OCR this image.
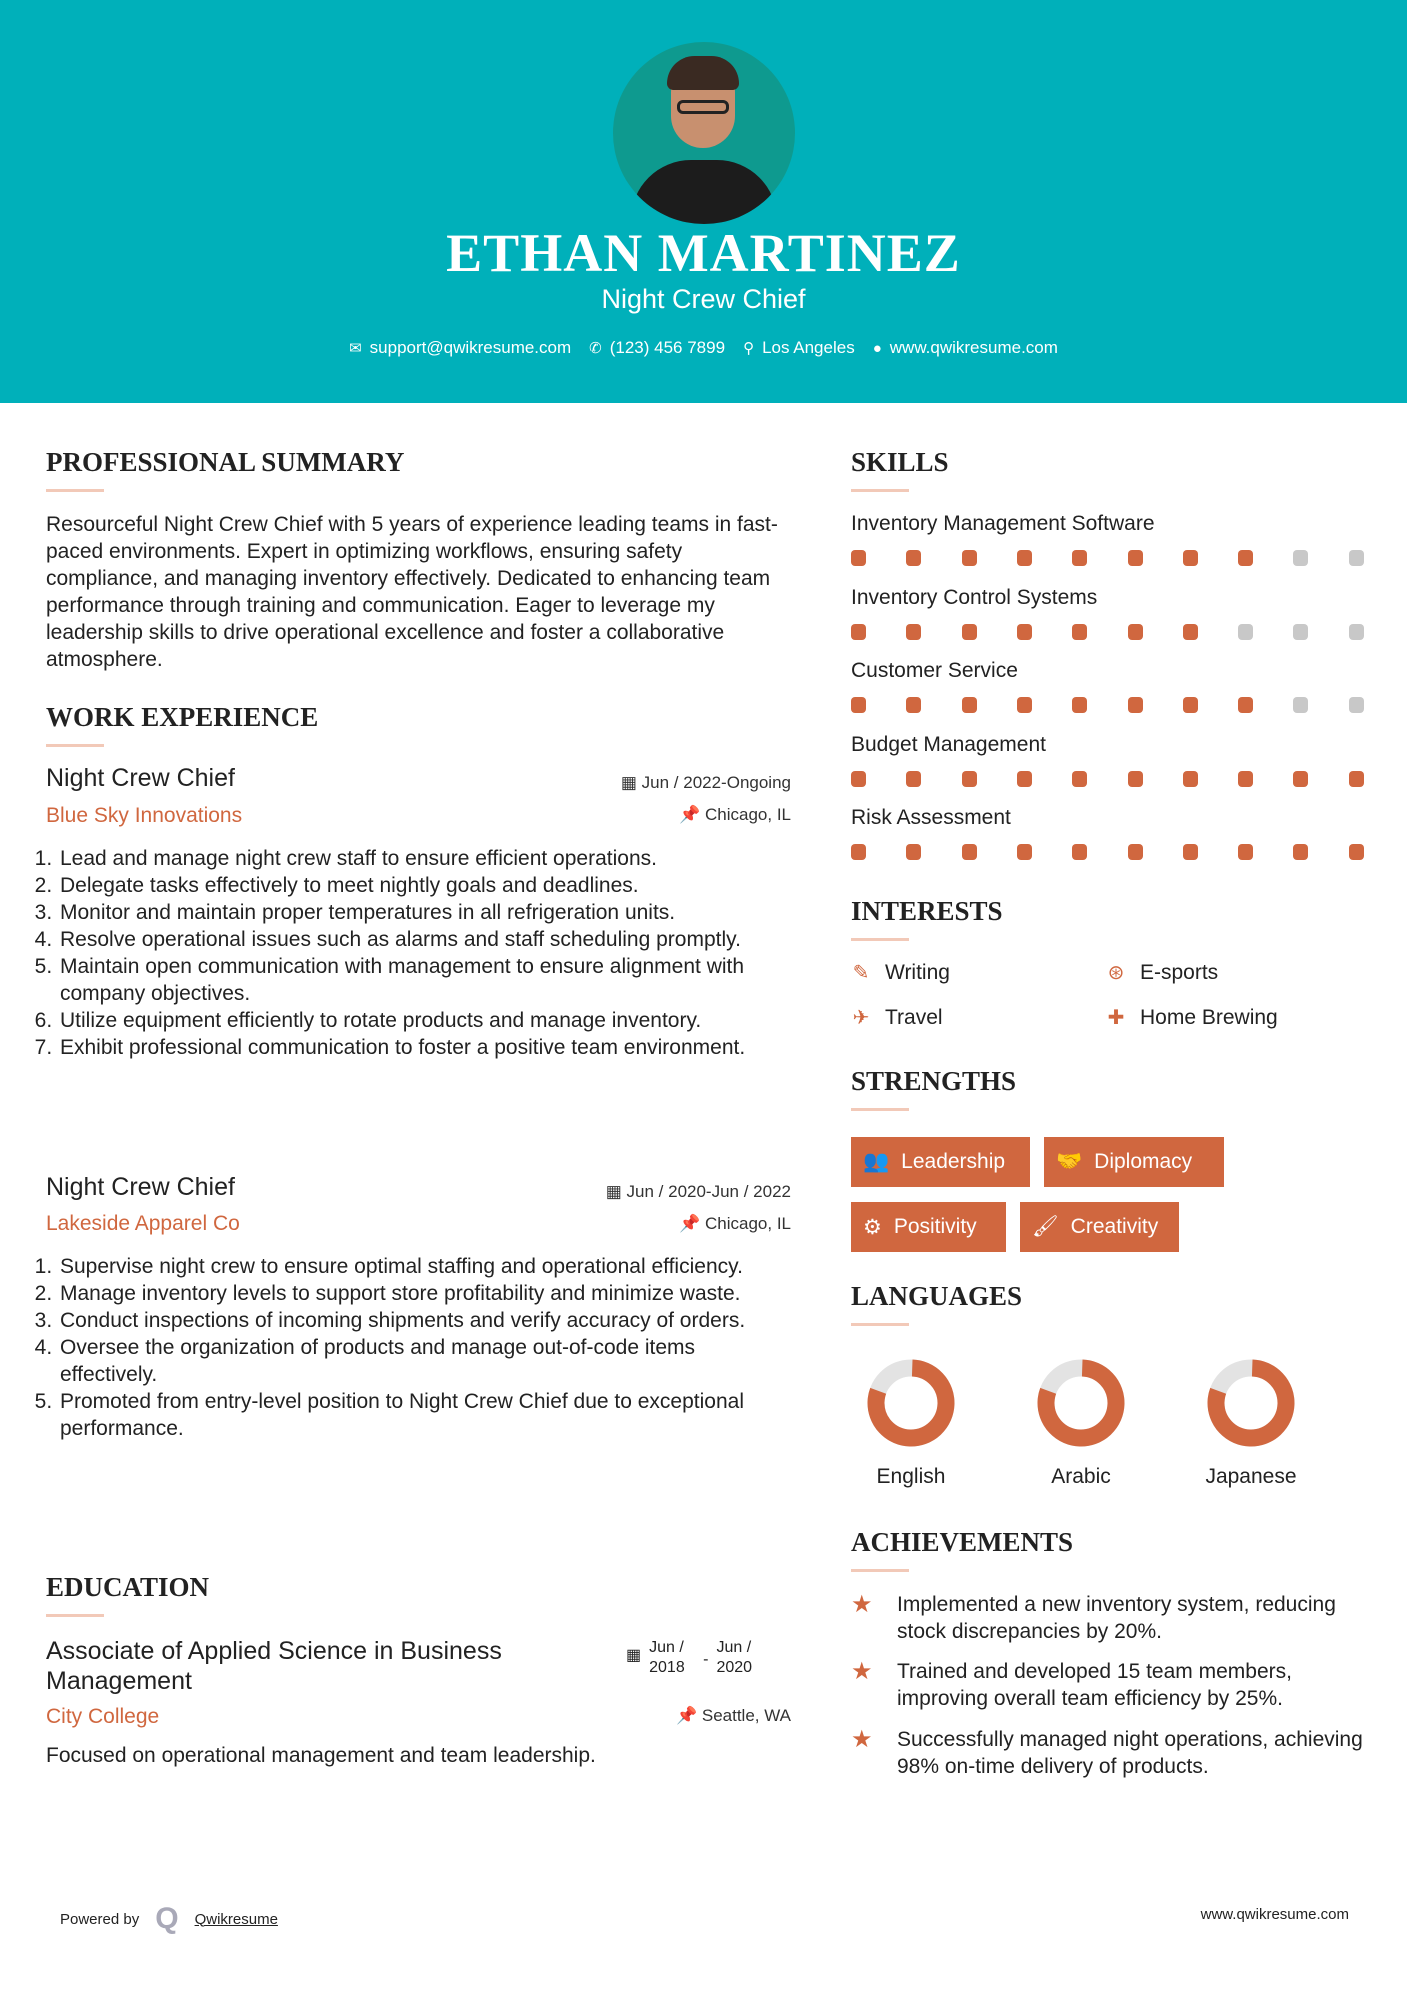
ETHAN MARTINEZ
Night Crew Chief
✉ support@qwikresume.com ✆ (123) 456 7899 ⚲ Los Angeles ● www.qwikresume.com
PROFESSIONAL SUMMARY
Resourceful Night Crew Chief with 5 years of experience leading teams in fast-paced environments. Expert in optimizing workflows, ensuring safety compliance, and managing inventory effectively. Dedicated to enhancing team performance through training and communication. Eager to leverage my leadership skills to drive operational excellence and foster a collaborative atmosphere.
WORK EXPERIENCE
Night Crew Chief	▦ Jun / 2022-Ongoing
Blue Sky Innovations	📌 Chicago, IL
1. Lead and manage night crew staff to ensure efficient operations.
2. Delegate tasks effectively to meet nightly goals and deadlines.
3. Monitor and maintain proper temperatures in all refrigeration units.
4. Resolve operational issues such as alarms and staff scheduling promptly.
5. Maintain open communication with management to ensure alignment with company objectives.
6. Utilize equipment efficiently to rotate products and manage inventory.
7. Exhibit professional communication to foster a positive team environment.
Night Crew Chief	▦ Jun / 2020-Jun / 2022
Lakeside Apparel Co	📌 Chicago, IL
1. Supervise night crew to ensure optimal staffing and operational efficiency.
2. Manage inventory levels to support store profitability and minimize waste.
3. Conduct inspections of incoming shipments and verify accuracy of orders.
4. Oversee the organization of products and manage out-of-code items effectively.
5. Promoted from entry-level position to Night Crew Chief due to exceptional performance.
EDUCATION
Associate of Applied Science in Business Management
▦ Jun / 2018	-
Jun / 2020
City College	📌 Seattle, WA
Focused on operational management and team leadership.
SKILLS
Inventory Management Software
Inventory Control Systems
Customer Service
Budget Management
Risk Assessment
INTERESTS
✎ Writing	⊛ E-sports
✈ Travel	✚ Home Brewing
STRENGTHS
👥 Leadership 🤝 Diplomacy
⚙ Positivity	🖌 Creativity
LANGUAGES
English	Arabic	Japanese
ACHIEVEMENTS
★	Implemented a new inventory system, reducing stock discrepancies by 20%.
★	Trained and developed 15 team members, improving overall team efficiency by 25%.
★	Successfully managed night operations, achieving 98% on-time delivery of products.
Powered by Q Qwikresume	www.qwikresume.com
